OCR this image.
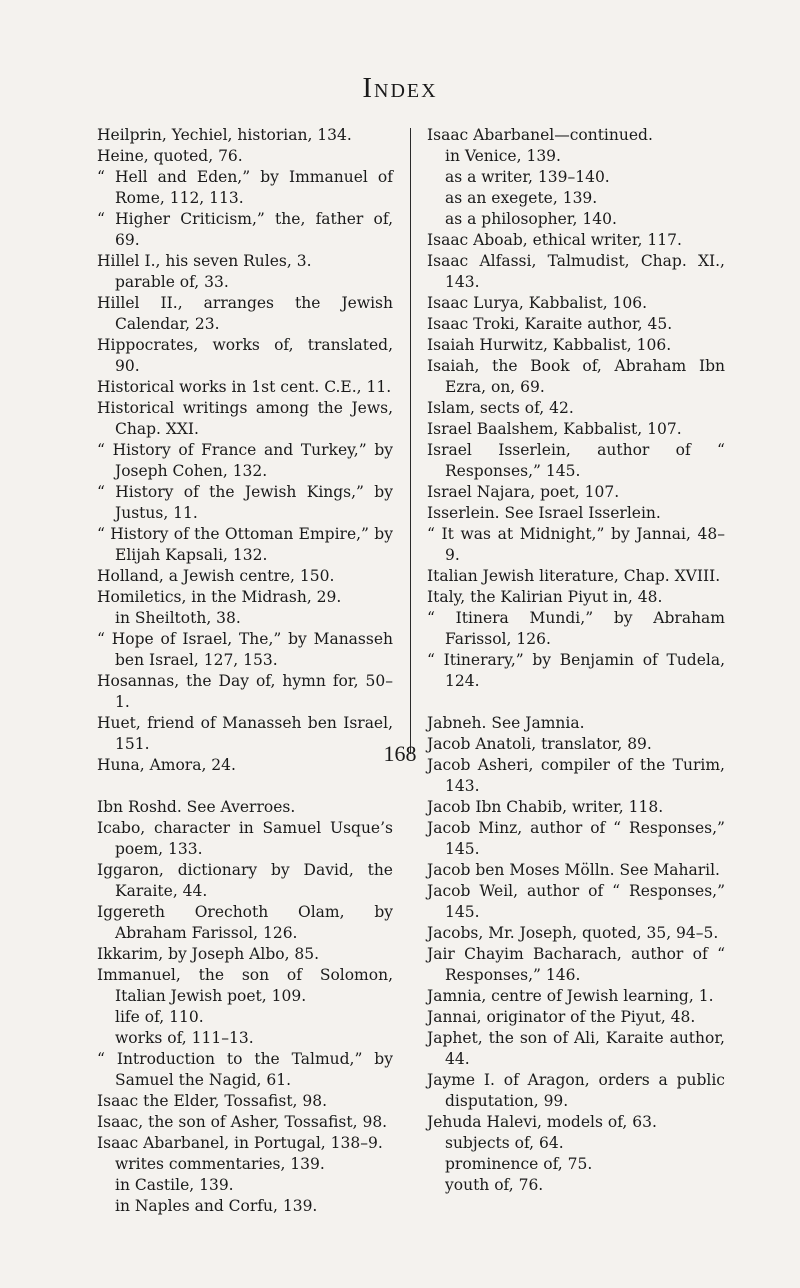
Index

Heilprin, Yechiel, historian, 134.

Heine, quoted, 76.

“ Hell and Eden,” by Immanuel of Rome, 112, 113.

“ Higher Criticism,” the, father of, 69.

Hillel I., his seven Rules, 3.

parable of, 33.

Hillel II., arranges the Jewish Calendar, 23.

Hippocrates, works of, translated, 90.

Historical works in 1st cent. C.E., 11.

Historical writings among the Jews, Chap. XXI.

“ History of France and Turkey,” by Joseph Cohen, 132.

“ History of the Jewish Kings,” by Justus, 11.

“ History of the Ottoman Empire,” by Elijah Kapsali, 132.

Holland, a Jewish centre, 150.

Homiletics, in the Midrash, 29.

in Sheiltoth, 38.

“ Hope of Israel, The,” by Manasseh ben Israel, 127, 153.

Hosannas, the Day of, hymn for, 50–1.

Huet, friend of Manasseh ben Israel, 151.

Huna, Amora, 24.

Ibn Roshd. See Averroes.

Icabo, character in Samuel Usque’s poem, 133.

Iggaron, dictionary by David, the Karaite, 44.

Iggereth Orechoth Olam, by Abraham Farissol, 126.

Ikkarim, by Joseph Albo, 85.

Immanuel, the son of Solomon, Italian Jewish poet, 109.

life of, 110.

works of, 111–13.

“ Introduction to the Talmud,” by Samuel the Nagid, 61.

Isaac the Elder, Tossafist, 98.

Isaac, the son of Asher, Tossafist, 98.

Isaac Abarbanel, in Portugal, 138–9.

writes commentaries, 139.

in Castile, 139.

in Naples and Corfu, 139.

Isaac Abarbanel—continued.

in Venice, 139.

as a writer, 139–140.

as an exegete, 139.

as a philosopher, 140.

Isaac Aboab, ethical writer, 117.

Isaac Alfassi, Talmudist, Chap. XI., 143.

Isaac Lurya, Kabbalist, 106.

Isaac Troki, Karaite author, 45.

Isaiah Hurwitz, Kabbalist, 106.

Isaiah, the Book of, Abraham Ibn Ezra, on, 69.

Islam, sects of, 42.

Israel Baalshem, Kabbalist, 107.

Israel Isserlein, author of “ Responses,” 145.

Israel Najara, poet, 107.

Isserlein. See Israel Isserlein.

“ It was at Midnight,” by Jannai, 48–9.

Italian Jewish literature, Chap. XVIII.

Italy, the Kalirian Piyut in, 48.

“ Itinera Mundi,” by Abraham Farissol, 126.

“ Itinerary,” by Benjamin of Tudela, 124.

Jabneh. See Jamnia.

Jacob Anatoli, translator, 89.

Jacob Asheri, compiler of the Turim, 143.

Jacob Ibn Chabib, writer, 118.

Jacob Minz, author of “ Responses,” 145.

Jacob ben Moses Mölln. See Maharil.

Jacob Weil, author of “ Responses,” 145.

Jacobs, Mr. Joseph, quoted, 35, 94–5.

Jair Chayim Bacharach, author of “ Responses,” 146.

Jamnia, centre of Jewish learning, 1.

Jannai, originator of the Piyut, 48.

Japhet, the son of Ali, Karaite author, 44.

Jayme I. of Aragon, orders a public disputation, 99.

Jehuda Halevi, models of, 63.

subjects of, 64.

prominence of, 75.

youth of, 76.

168
